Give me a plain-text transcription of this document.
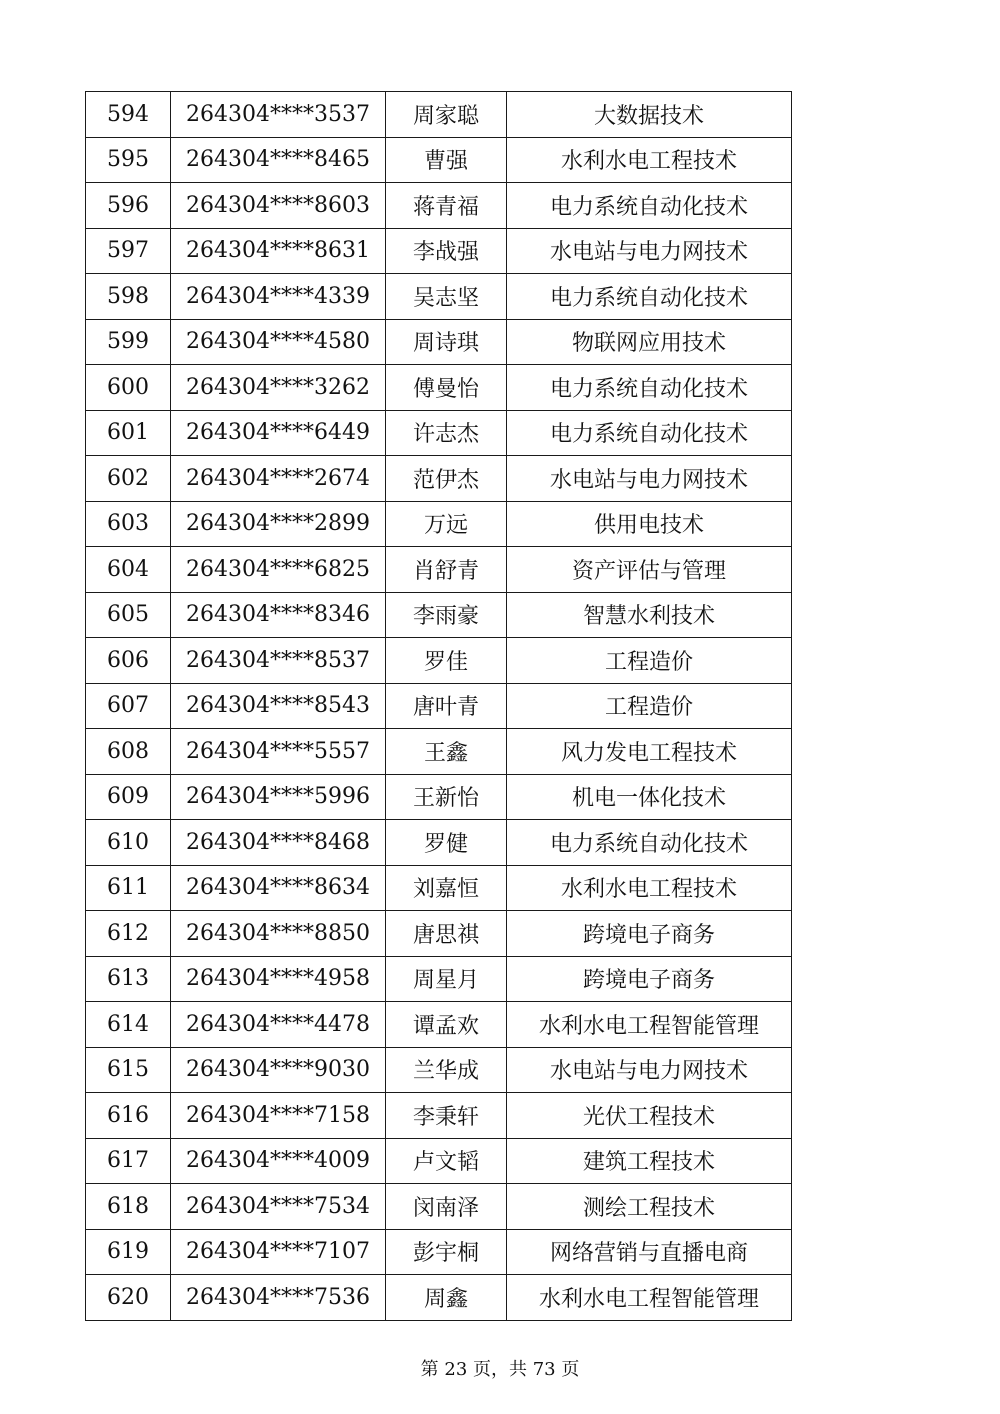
594	264304****3537	周家聪	大数据技术
595	264304****8465	曹强	水利水电工程技术
596	264304****8603	蒋青福	电力系统自动化技术
597	264304****8631	李战强	水电站与电力网技术
598	264304****4339	吴志坚	电力系统自动化技术
599	264304****4580	周诗琪	物联网应用技术
600	264304****3262	傅曼怡	电力系统自动化技术
601	264304****6449	许志杰	电力系统自动化技术
602	264304****2674	范伊杰	水电站与电力网技术
603	264304****2899	万远	供用电技术
604	264304****6825	肖舒青	资产评估与管理
605	264304****8346	李雨豪	智慧水利技术
606	264304****8537	罗佳	工程造价
607	264304****8543	唐叶青	工程造价
608	264304****5557	王鑫	风力发电工程技术
609	264304****5996	王新怡	机电一体化技术
610	264304****8468	罗健	电力系统自动化技术
611	264304****8634	刘嘉恒	水利水电工程技术
612	264304****8850	唐思祺	跨境电子商务
613	264304****4958	周星月	跨境电子商务
614	264304****4478	谭孟欢	水利水电工程智能管理
615	264304****9030	兰华成	水电站与电力网技术
616	264304****7158	李秉轩	光伏工程技术
617	264304****4009	卢文韬	建筑工程技术
618	264304****7534	闵南泽	测绘工程技术
619	264304****7107	彭宇桐	网络营销与直播电商
620	264304****7536	周鑫	水利水电工程智能管理
第 23 页，共 73 页
